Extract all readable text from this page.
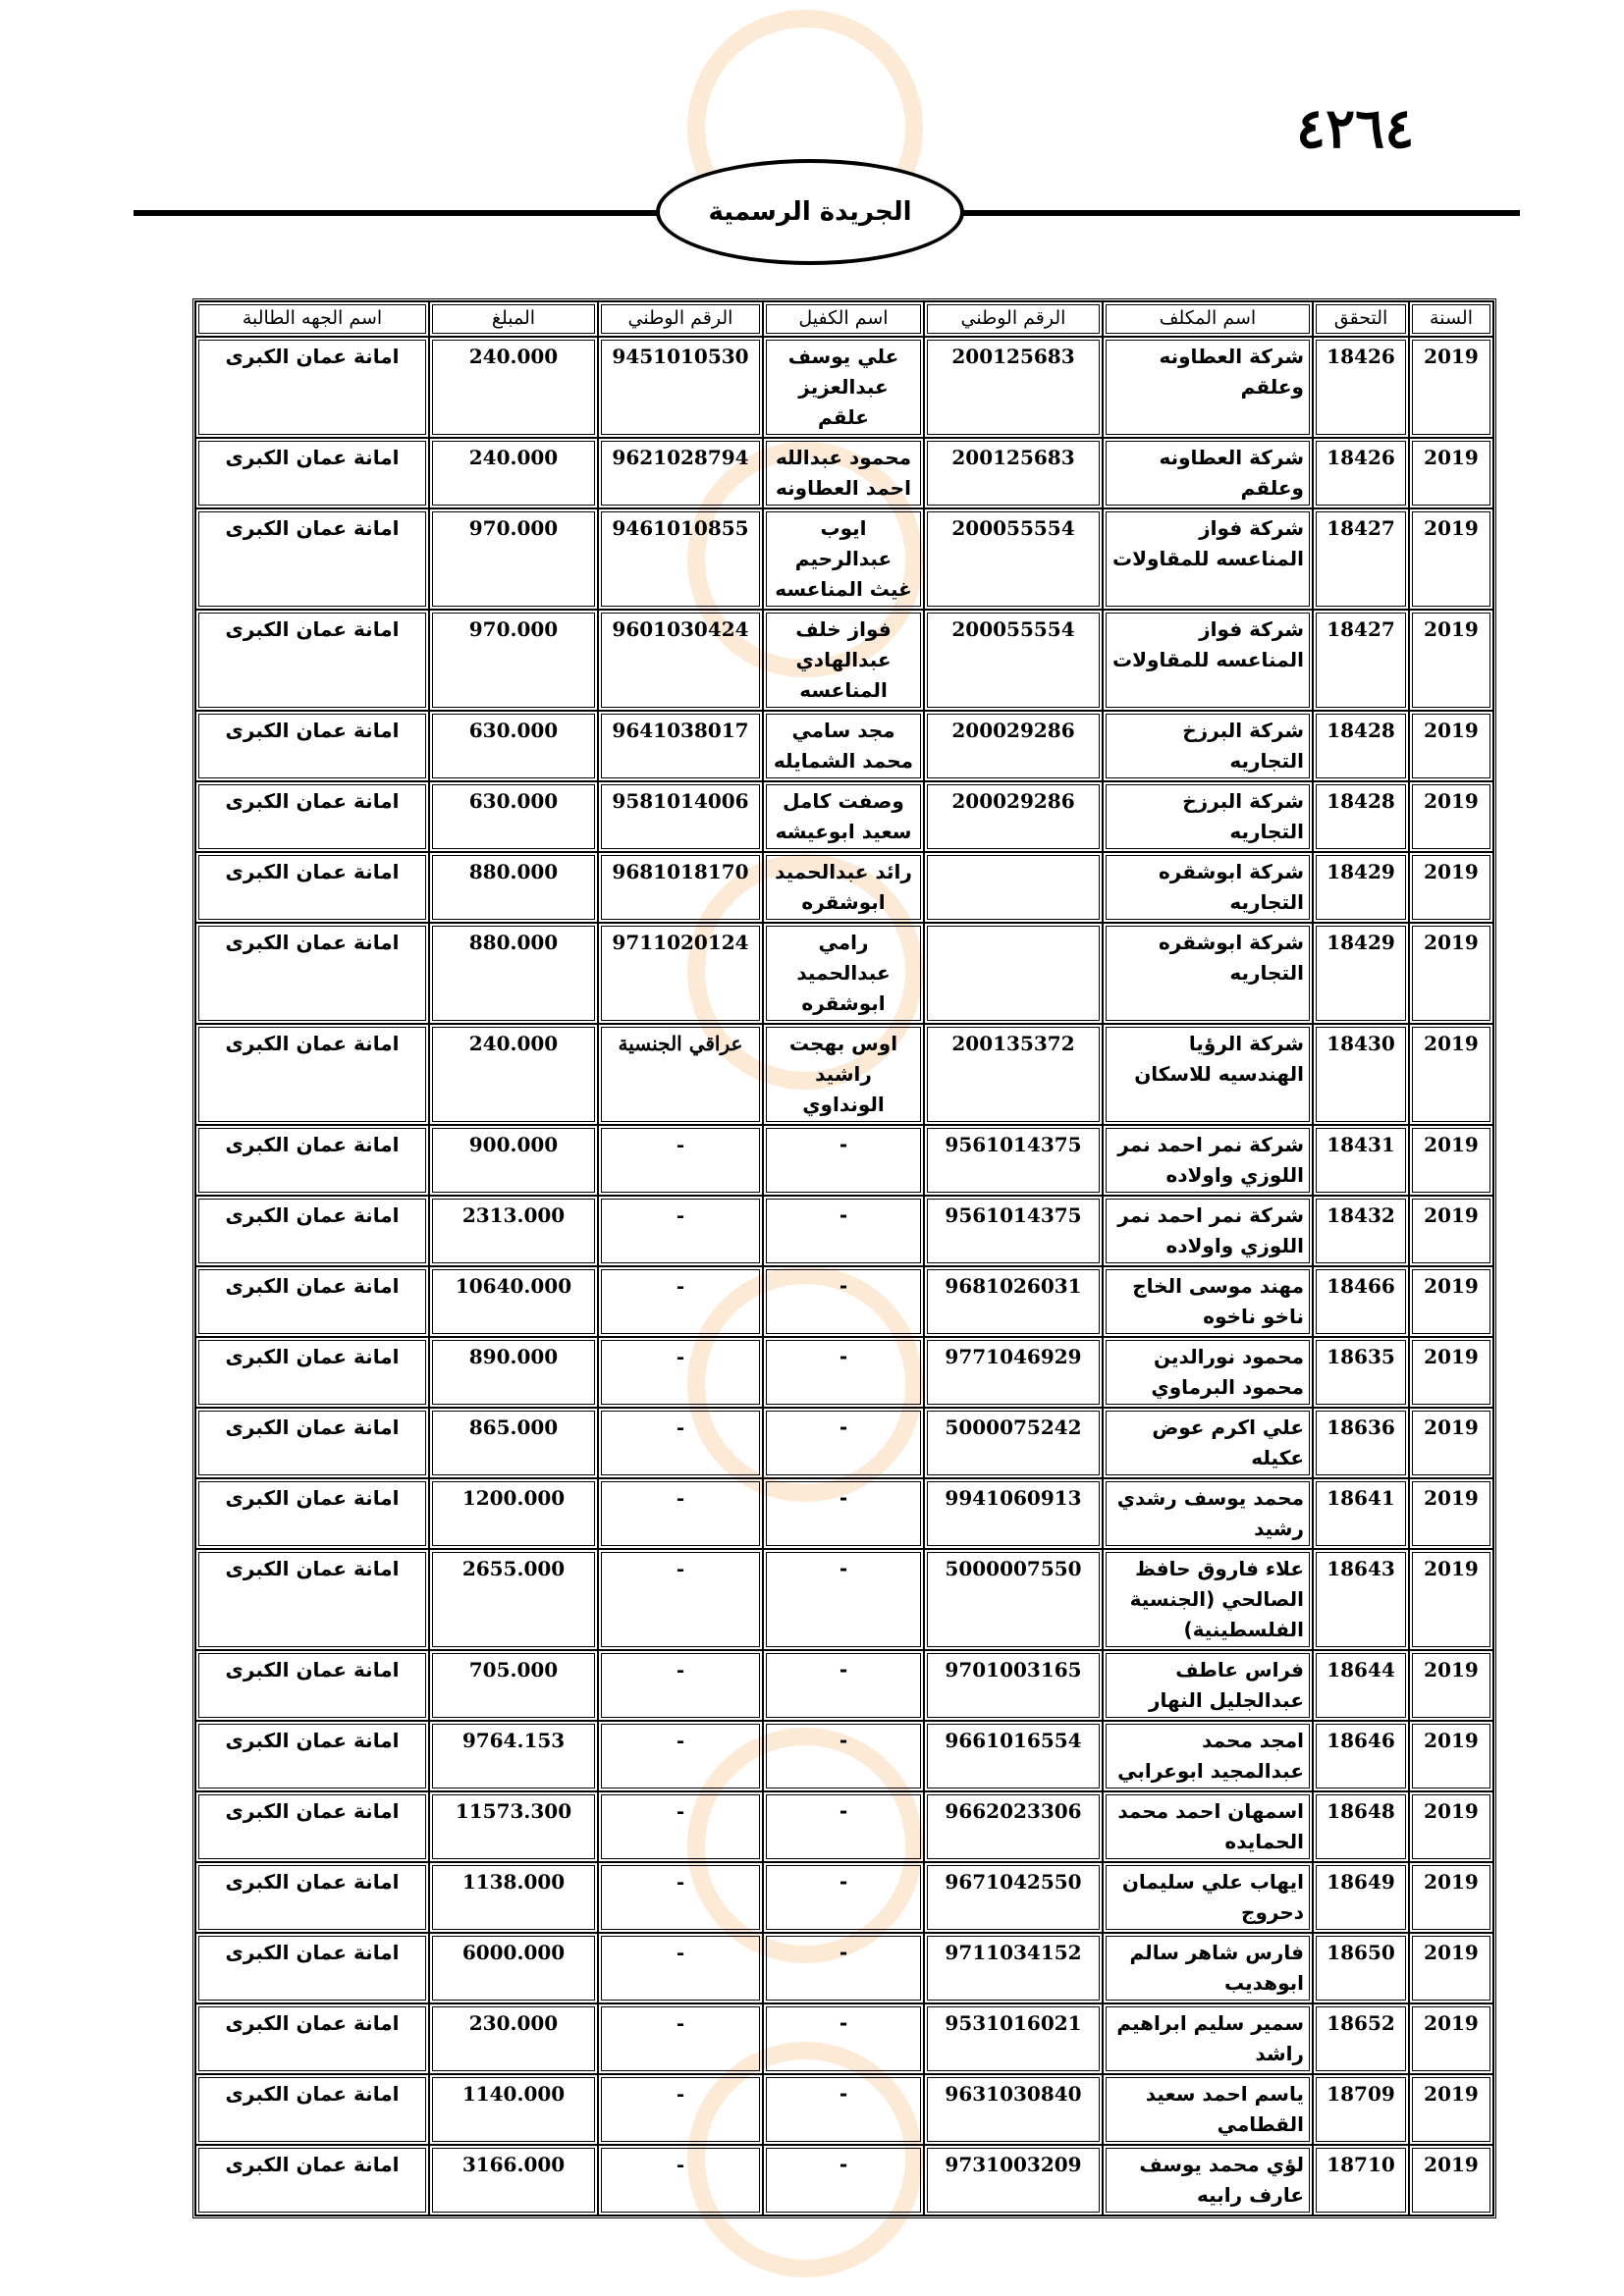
٤٢٦٤
الجريدة الرسمية
السنة	التحقق	اسم المكلف	الرقم الوطني	اسم الكفيل	الرقم الوطني	المبلغ	اسم الجهه الطالبة
2019	18426	شركة العطاونه وعلقم	200125683	علي يوسف عبدالعزيز علقم	9451010530	240.000	امانة عمان الكبرى
2019	18426	شركة العطاونه وعلقم	200125683	محمود عبدالله احمد العطاونه	9621028794	240.000	امانة عمان الكبرى
2019	18427	شركة فواز المناعسه للمقاولات	200055554	ايوب عبدالرحيم غيث المناعسه	9461010855	970.000	امانة عمان الكبرى
2019	18427	شركة فواز المناعسه للمقاولات	200055554	فواز خلف عبدالهادي المناعسه	9601030424	970.000	امانة عمان الكبرى
2019	18428	شركة البرزخ التجاريه	200029286	مجد سامي محمد الشمايله	9641038017	630.000	امانة عمان الكبرى
2019	18428	شركة البرزخ التجاريه	200029286	وصفت كامل سعيد ابوعيشه	9581014006	630.000	امانة عمان الكبرى
2019	18429	شركة ابوشقره التجاريه		رائد عبدالحميد ابوشقره	9681018170	880.000	امانة عمان الكبرى
2019	18429	شركة ابوشقره التجاريه		رامي عبدالحميد ابوشقره	9711020124	880.000	امانة عمان الكبرى
2019	18430	شركة الرؤيا الهندسيه للاسكان	200135372	اوس بهجت راشيد الونداوي	عراقي الجنسية	240.000	امانة عمان الكبرى
2019	18431	شركة نمر احمد نمر اللوزي واولاده	9561014375	-	-	900.000	امانة عمان الكبرى
2019	18432	شركة نمر احمد نمر اللوزي واولاده	9561014375	-	-	2313.000	امانة عمان الكبرى
2019	18466	مهند موسى الخاج ناخو ناخوه	9681026031	-	-	10640.000	امانة عمان الكبرى
2019	18635	محمود نورالدين محمود البرماوي	9771046929	-	-	890.000	امانة عمان الكبرى
2019	18636	علي اكرم عوض عكيله	5000075242	-	-	865.000	امانة عمان الكبرى
2019	18641	محمد يوسف رشدي رشيد	9941060913	-	-	1200.000	امانة عمان الكبرى
2019	18643	علاء فاروق حافظ الصالحي (الجنسية الفلسطينية)	5000007550	-	-	2655.000	امانة عمان الكبرى
2019	18644	فراس عاطف عبدالجليل النهار	9701003165	-	-	705.000	امانة عمان الكبرى
2019	18646	امجد محمد عبدالمجيد ابوعرابي	9661016554	-	-	9764.153	امانة عمان الكبرى
2019	18648	اسمهان احمد محمد الحمايده	9662023306	-	-	11573.300	امانة عمان الكبرى
2019	18649	ايهاب علي سليمان دحروج	9671042550	-	-	1138.000	امانة عمان الكبرى
2019	18650	فارس شاهر سالم ابوهديب	9711034152	-	-	6000.000	امانة عمان الكبرى
2019	18652	سمير سليم ابراهيم راشد	9531016021	-	-	230.000	امانة عمان الكبرى
2019	18709	ياسم احمد سعيد القطامي	9631030840	-	-	1140.000	امانة عمان الكبرى
2019	18710	لؤي محمد يوسف عارف رابيه	9731003209	-	-	3166.000	امانة عمان الكبرى
